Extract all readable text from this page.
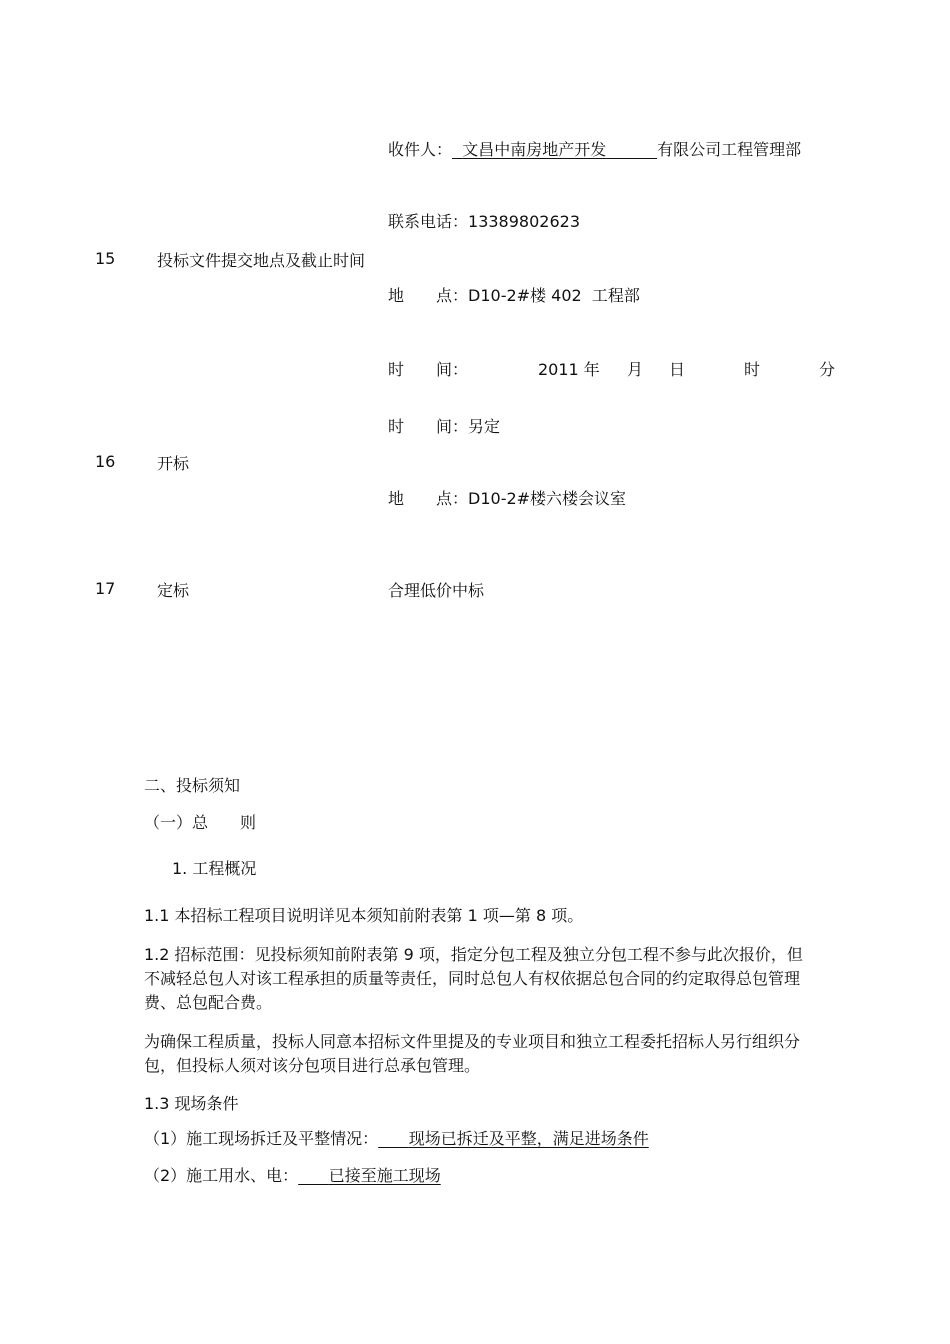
收件人： 文昌中南房地产开发	有限公司工程管理部
联系电话：13389802623
15	投标文件提交地点及截止时间
地　　点：D10-2#楼 402  工程部
时　　间：	2011 年 月 日	时	分
时　　间：另定
16	开标
地　　点：D10-2#楼六楼会议室
17	定标	合理低价中标
二、投标须知
（一）总　　则
1. 工程概况
1.1 本招标工程项目说明详见本须知前附表第 1 项—第 8 项。
1.2 招标范围：见投标须知前附表第 9 项，指定分包工程及独立分包工程不参与此次报价，但不减轻总包人对该工程承担的质量等责任，同时总包人有权依据总包合同的约定取得总包管理费、总包配合费。
为确保工程质量，投标人同意本招标文件里提及的专业项目和独立工程委托招标人另行组织分包，但投标人须对该分包项目进行总承包管理。
1.3 现场条件
（1）施工现场拆迁及平整情况： 现场已拆迁及平整，满足进场条件
（2）施工用水、电： 已接至施工现场
